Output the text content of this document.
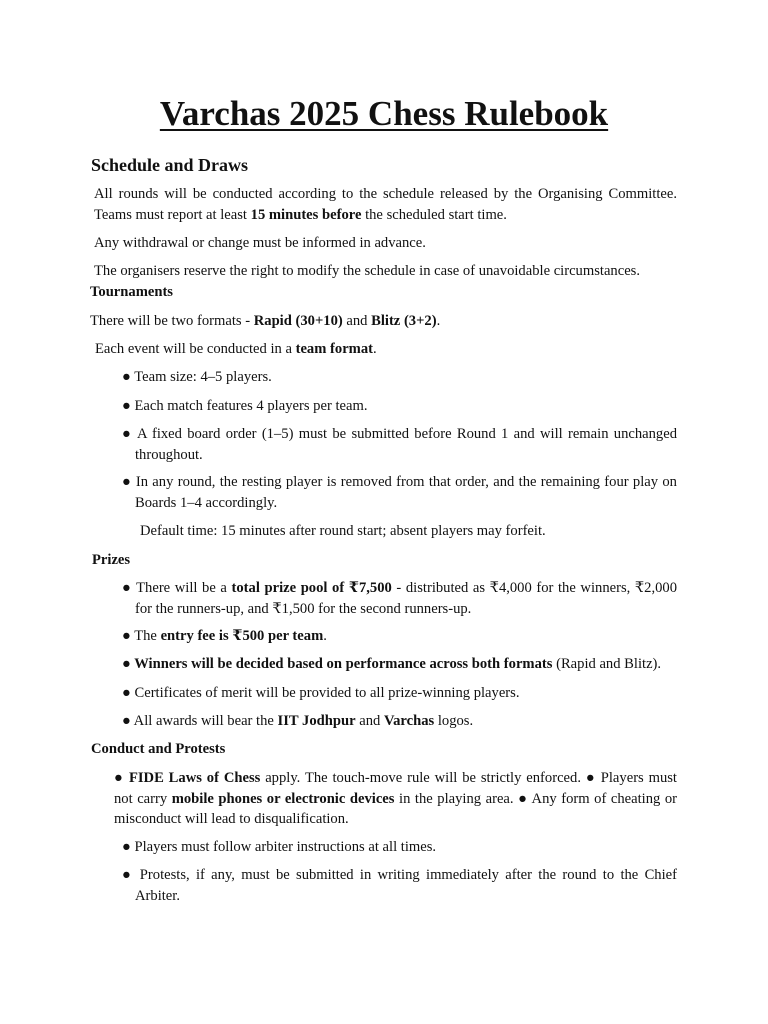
Varchas 2025 Chess Rulebook
Schedule and Draws

All rounds will be conducted according to the schedule released by the Organising Committee. Teams must report at least 15 minutes before the scheduled start time.

Any withdrawal or change must be informed in advance.

The organisers reserve the right to modify the schedule in case of unavoidable circumstances.

Tournaments

There will be two formats - Rapid (30+10) and Blitz (3+2).

Each event will be conducted in a team format.

● Team size: 4–5 players.

● Each match features 4 players per team.

● A fixed board order (1–5) must be submitted before Round 1 and will remain unchanged throughout.

● In any round, the resting player is removed from that order, and the remaining four play on Boards 1–4 accordingly.

Default time: 15 minutes after round start; absent players may forfeit.

Prizes

● There will be a total prize pool of ₹7,500 - distributed as ₹4,000 for the winners, ₹2,000 for the runners-up, and ₹1,500 for the second runners-up.

● The entry fee is ₹500 per team.

● Winners will be decided based on performance across both formats (Rapid and Blitz).

● Certificates of merit will be provided to all prize-winning players.

● All awards will bear the IIT Jodhpur and Varchas logos.

Conduct and Protests

● FIDE Laws of Chess apply. The touch-move rule will be strictly enforced. ● Players must not carry mobile phones or electronic devices in the playing area. ● Any form of cheating or misconduct will lead to disqualification.

● Players must follow arbiter instructions at all times.

● Protests, if any, must be submitted in writing immediately after the round to the Chief Arbiter.
